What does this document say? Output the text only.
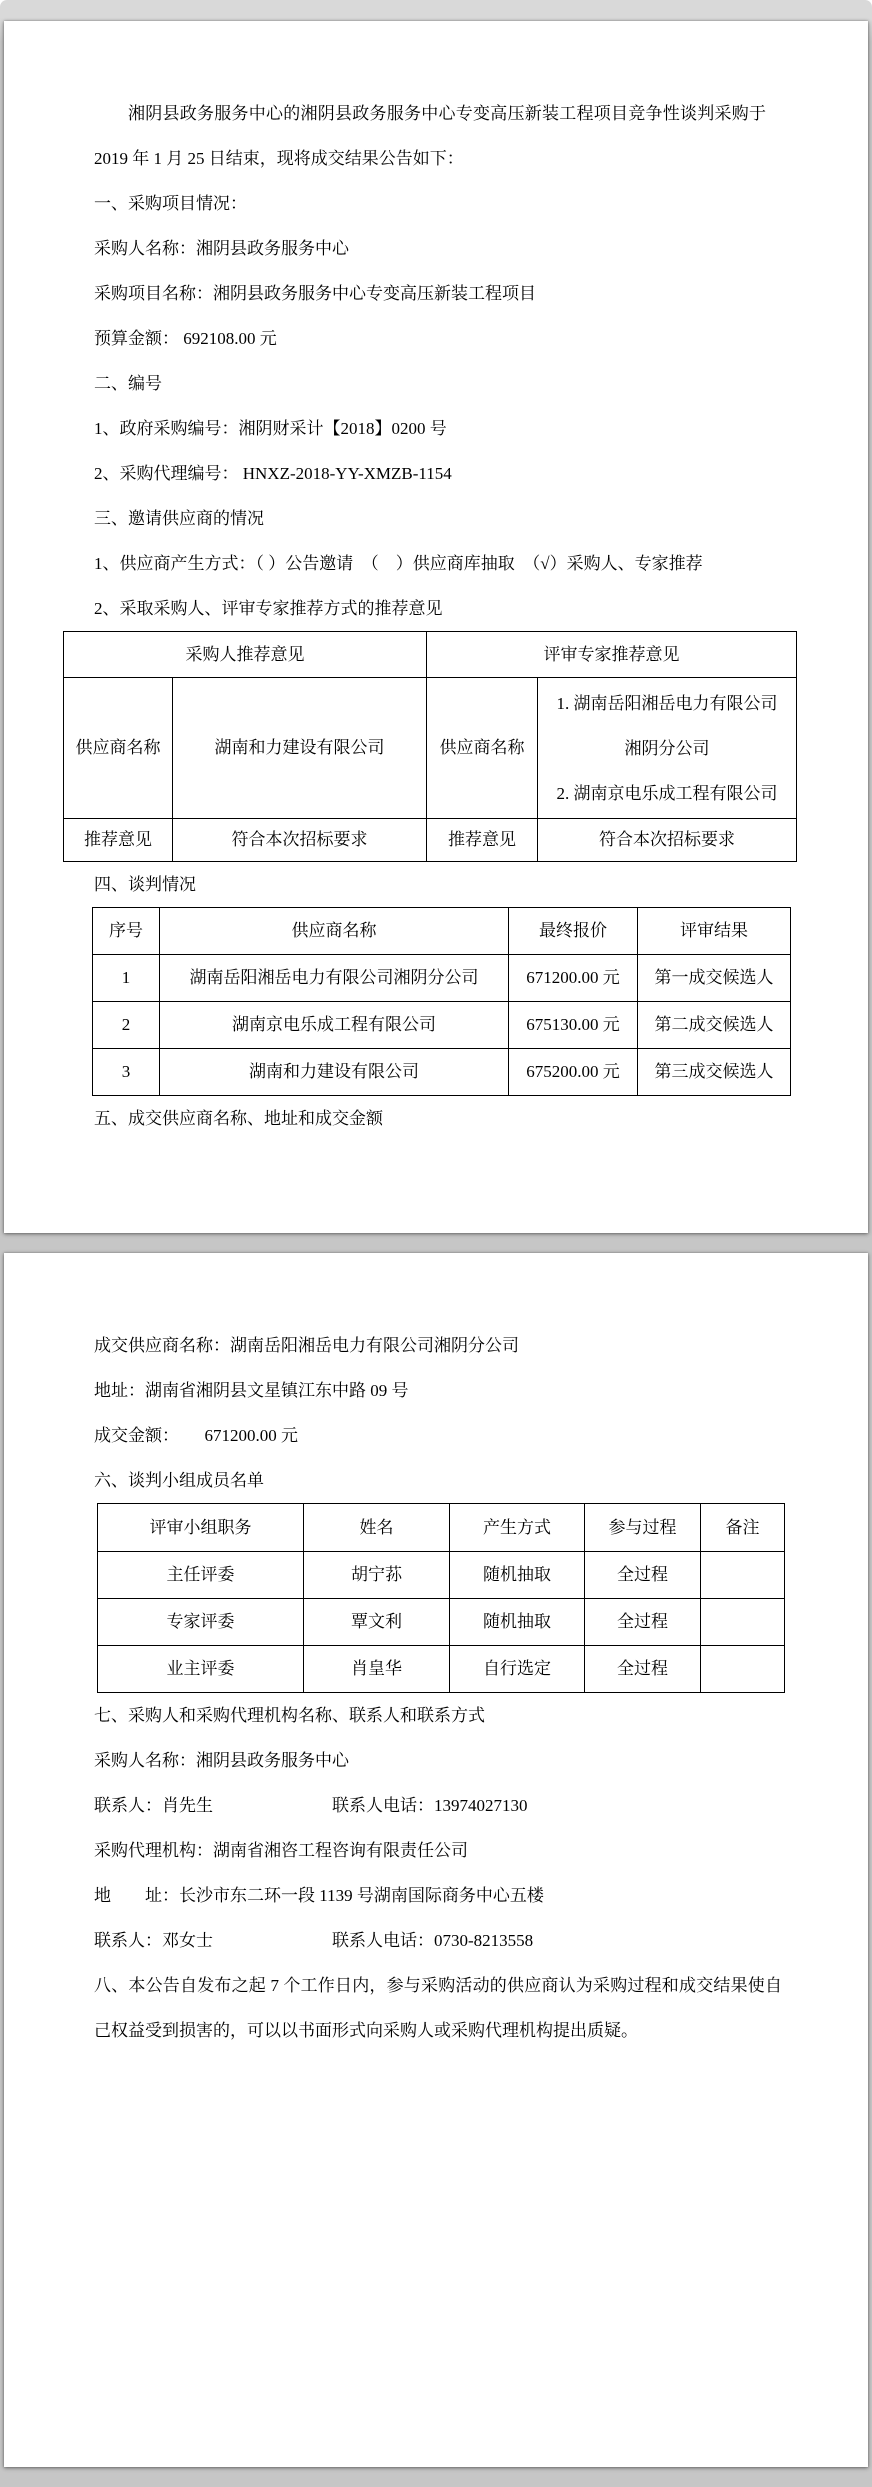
湘阴县政务服务中心的湘阴县政务服务中心专变高压新装工程项目竞争性谈判采购于2019 年 1 月 25 日结束，现将成交结果公告如下：

一、采购项目情况：

采购人名称：湘阴县政务服务中心

采购项目名称：湘阴县政务服务中心专变高压新装工程项目

预算金额： 692108.00 元

二、编号

1、政府采购编号：湘阴财采计【2018】0200 号

2、采购代理编号： HNXZ-2018-YY-XMZB-1154

三、邀请供应商的情况

1、供应商产生方式：（ ）公告邀请　（　）供应商库抽取　（√）采购人、专家推荐

2、采取采购人、评审专家推荐方式的推荐意见

采购人推荐意见		评审专家推荐意见	
供应商名称	湖南和力建设有限公司	供应商名称	1. 湖南岳阳湘岳电力有限公司
湘阴分公司
2. 湖南京电乐成工程有限公司

推荐意见	符合本次招标要求	推荐意见	符合本次招标要求

四、谈判情况

序号	供应商名称	最终报价	评审结果
1	湖南岳阳湘岳电力有限公司湘阴分公司	671200.00 元	第一成交候选人
2	湖南京电乐成工程有限公司	675130.00 元	第二成交候选人
3	湖南和力建设有限公司	675200.00 元	第三成交候选人

五、成交供应商名称、地址和成交金额

成交供应商名称：湖南岳阳湘岳电力有限公司湘阴分公司

地址：湖南省湘阴县文星镇江东中路 09 号

成交金额：　　671200.00 元

六、谈判小组成员名单

评审小组职务	姓名	产生方式	参与过程	备注
主任评委	胡宁荪	随机抽取	全过程	
专家评委	覃文利	随机抽取	全过程	
业主评委	肖皇华	自行选定	全过程	

七、采购人和采购代理机构名称、联系人和联系方式

采购人名称：湘阴县政务服务中心

联系人：肖先生　　　　　　　联系人电话：13974027130

采购代理机构：湖南省湘咨工程咨询有限责任公司

地　　址：长沙市东二环一段 1139 号湖南国际商务中心五楼

联系人：邓女士　　　　　　　联系人电话：0730-8213558

八、本公告自发布之起 7 个工作日内，参与采购活动的供应商认为采购过程和成交结果使自己权益受到损害的，可以以书面形式向采购人或采购代理机构提出质疑。
